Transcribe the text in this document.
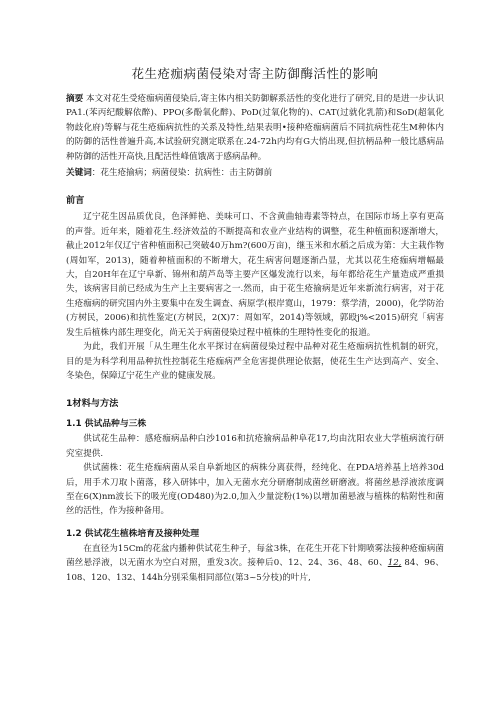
花生疮痂病菌侵染对寄主防御酶活性的影响

摘要 本文对花生受疮痂病菌侵染后,寄主体内相关防御解系活性的变化进行了研究,目的是进一步认识PA1.(苯丙纪酸解依醉)、PPO(多酚氧化醉)、PoD(过氧化物的)、CAT(过就化乳箭)和SoD(超氧化物歧化府)等解与花生疮痂病抗性的关系及特性,结果表明•接种疮痂病菌后不同抗病性花生M种体内的防御的活性普遍升高,本试验研究测定联系在.24-72h内均有G大悄出现,但抗柄品种一般比感病品种防御的活性开高快,且配活性峰值饿离于感病品种。

关键词：花生疮揄病；病菌侵染：抗病性：击主防御前

前言

辽宁花生因品质优良，色泽鲜艳、美味可口、不含黄曲轴毒素等特点，在国际市场上享有更高的声誉。近年来，随着花生.经济效益的不断提高和农业产业结构的调整，花生种植面积逐渐增大，截止2012年仅辽宁省种植面积己突破40万hm?(600万亩)，继玉米和水稻之后成为第：大主栽作物(周如军，2013)，随着种植面积的不断增大，花生病害问题逐渐凸显，尤其以花生疮痂病增幅最大，自20H年在辽宁阜新、锦州和葫芦岛等主要产区爆发流行以来，每年都给花生产量造成严重损失，该病害目前已经成为生产上主要病害之一.然而，由于花生疮揄病是近年来新流行病害，对于花生疮痂病的研究国内外主要集中在发生调查、病原学(根岸寛山，1979：蔡学清，2000)，化学防治(方树民，2006)和抗性鉴定(方树民，2(X)7：周如军，2014)等领域，郭殴j%<2015)研究「病害发生后植株内部生理变化，尚无关于病菌侵染过程中植株的生理特性变化的报道。

为此，我们开展「从生理生化水平探讨在病菌侵染过程中品种对花生疮痂病抗性机制的研究，目的是为科学利用品种抗性控制花生疮痂病严全危害提供理论依据，使花生生产达到高产、安全、冬染色，保障辽宁花生产业的健康发展。

1材料与方法
1.1 供试品种与三株

供试花生品种：感疮痂病品种白沙1016和抗疮揄病品种阜花17,均由沈阳农业大学植病流行研究室提供.

供试菌株：花生疮痂病菌从采自阜新地区的病株分离获得，经纯化、在PDA培养基上培养30d后，用手术刀取卜菌落，移入研钵中，加入无菌水充分研磨制成菌丝研磨液。将菌丝悬浮液浓度调至在6(X)nm波长下的吸光度(OD480)为2.0,加入少量淀粉(1%)以增加菌悬液与植株的粘附性和菌丝的活性，作为接种备用。

1.2 供试花生植株培育及接种处理

在直径为15Cm的花盆内播种供试花生种子，每盆3株，在花生开花下针期喷雾法接种疮痂病菌菌丝悬浮液，以无菌水为空白对照，重发3次。接种后0、12、24、36、48、60、12, 84、96、108、120、132、144h分别采集相同部位(第3~5分枝)的叶片,
